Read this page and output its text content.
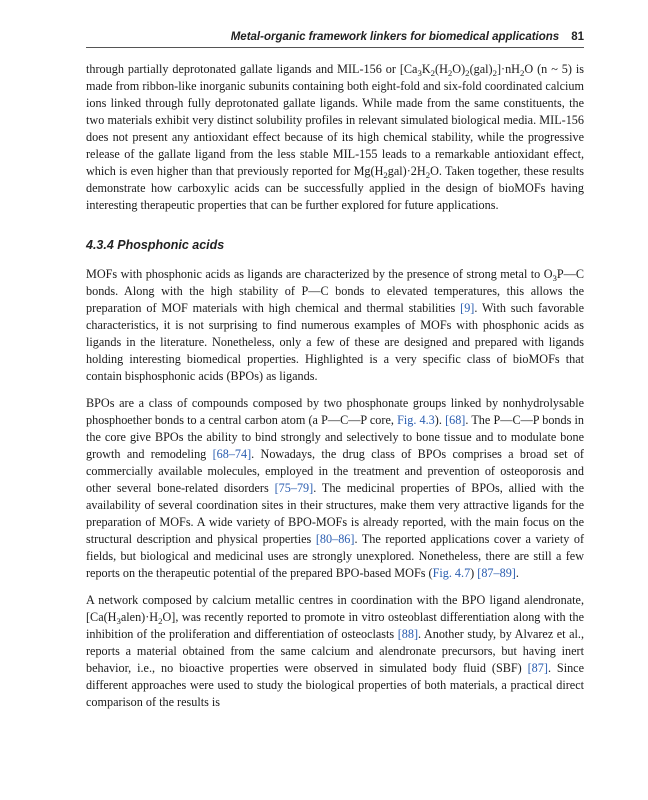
Metal-organic framework linkers for biomedical applications 81

through partially deprotonated gallate ligands and MIL-156 or $[Ca_3K_2(H_2O)_2(gal)_2]\cdot nH_2O$ (n ~ 5) is made from ribbon-like inorganic subunits containing both eight-fold and six-fold coordinated calcium ions linked through fully deprotonated gallate ligands. While made from the same constituents, the two materials exhibit very distinct solubility profiles in relevant simulated biological media. MIL-156 does not present any antioxidant effect because of its high chemical stability, while the progressive release of the gallate ligand from the less stable MIL-155 leads to a remarkable antioxidant effect, which is even higher than that previously reported for $Mg(H_2gal)\cdot 2H_2O$. Taken together, these results demonstrate how carboxylic acids can be successfully applied in the design of bioMOFs having interesting therapeutic properties that can be further explored for future applications.

4.3.4 Phosphonic acids

MOFs with phosphonic acids as ligands are characterized by the presence of strong metal to $O_3P—C$ bonds. Along with the high stability of P—C bonds to elevated temperatures, this allows the preparation of MOF materials with high chemical and thermal stabilities [9]. With such favorable characteristics, it is not surprising to find numerous examples of MOFs with phosphonic acids as ligands in the literature. Nonetheless, only a few of these are designed and prepared with ligands holding interesting biomedical properties. Highlighted is a very specific class of bioMOFs that contain bisphosphonic acids (BPOs) as ligands.

BPOs are a class of compounds composed by two phosphonate groups linked by nonhydrolysable phosphoether bonds to a central carbon atom (a P—C—P core, Fig. 4.3). [68]. The P—C—P bonds in the core give BPOs the ability to bind strongly and selectively to bone tissue and to modulate bone growth and remodeling [68–74]. Nowadays, the drug class of BPOs comprises a broad set of commercially available molecules, employed in the treatment and prevention of osteoporosis and other several bone-related disorders [75–79]. The medicinal properties of BPOs, allied with the availability of several coordination sites in their structures, make them very attractive ligands for the preparation of MOFs. A wide variety of BPO-MOFs is already reported, with the main focus on the structural description and physical properties [80–86]. The reported applications cover a variety of fields, but biological and medicinal uses are strongly unexplored. Nonetheless, there are still a few reports on the therapeutic potential of the prepared BPO-based MOFs (Fig. 4.7) [87–89].

A network composed by calcium metallic centres in coordination with the BPO ligand alendronate, $[Ca(H_3alen)\cdot H_2O]$, was recently reported to promote in vitro osteoblast differentiation along with the inhibition of the proliferation and differentiation of osteoclasts [88]. Another study, by Alvarez et al., reports a material obtained from the same calcium and alendronate precursors, but having inert behavior, i.e., no bioactive properties were observed in simulated body fluid (SBF) [87]. Since different approaches were used to study the biological properties of both materials, a practical direct comparison of the results is
